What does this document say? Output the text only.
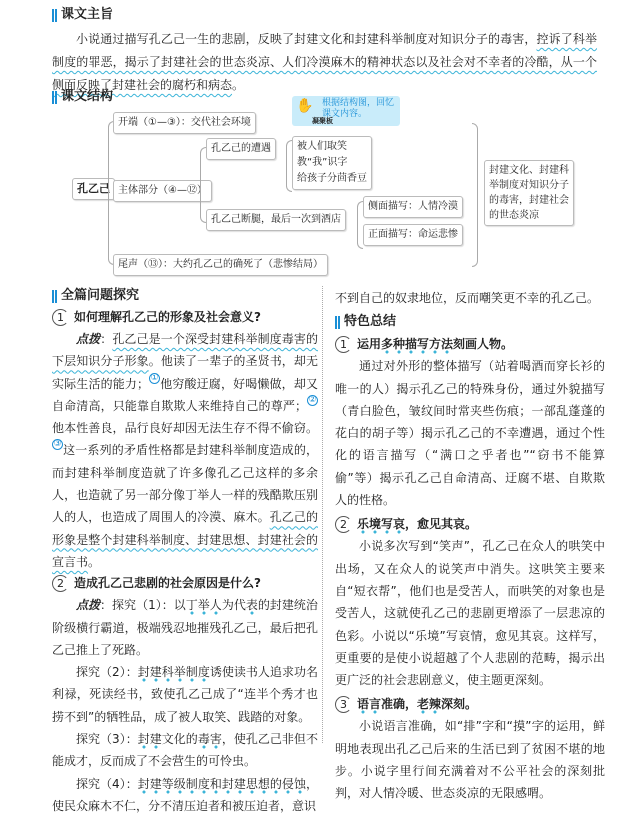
课文主旨

小说通过描写孔乙己一生的悲剧，反映了封建文化和封建科举制度对知识分子的毒害，控诉了科举制度的罪恶，揭示了封建社会的世态炎凉、人们冷漠麻木的精神状态以及社会对不幸者的冷酷，从一个侧面反映了封建社会的腐朽和病态。

课文结构
✋ 根据结构图，回忆课文内容。
凝聚板
孔乙己
开端（①—③）：交代社会环境
主体部分（④—⑫）
尾声（⑬）：大约孔乙己的确死了（悲惨结局）
孔乙己的遭遇	被人们取笑
教“我”识字
给孩子分茴香豆
孔乙己断腿，最后一次到酒店
侧面描写：人情冷漠
正面描写：命运悲惨
封建文化、封建科举制度对知识分子的毒害，封建社会的世态炎凉
全篇问题探究
1 如何理解孔乙己的形象及社会意义?

点拨：孔乙己是一个深受封建科举制度毒害的下层知识分子形象。他读了一辈子的圣贤书，却无实际生活的能力；①他穷酸迂腐，好喝懒做，却又自命清高，只能靠自欺欺人来维持自己的尊严；②他本性善良，品行良好却因无法生存不得不偷窃。③这一系列的矛盾性格都是封建科举制度造成的，而封建科举制度造就了许多像孔乙己这样的多余人，也造就了另一部分像丁举人一样的残酷欺压别人的人，也造成了周围人的冷漠、麻木。孔乙己的形象是整个封建科举制度、封建思想、封建社会的宣言书。

2 造成孔乙己悲剧的社会原因是什么?

点拨：探究（1）：以丁举人为代表的封建统治阶级横行霸道，极端残忍地摧残孔乙己，最后把孔乙己推上了死路。

探究（2）：封建科举制度诱使读书人追求功名利禄，死读经书，致使孔乙己成了“连半个秀才也捞不到”的牺牲品，成了被人取笑、践踏的对象。

探究（3）：封建文化的毒害，使孔乙己非但不能成才，反而成了不会营生的可怜虫。

探究（4）：封建等级制度和封建思想的侵蚀，使民众麻木不仁，分不清压迫者和被压迫者，意识

不到自己的奴隶地位，反而嘲笑更不幸的孔乙己。

特色总结
1 运用多种描写方法刻画人物。

通过对外形的整体描写（站着喝酒而穿长衫的唯一的人）揭示孔乙己的特殊身份，通过外貌描写（青白脸色，皱纹间时常夹些伤痕；一部乱蓬蓬的花白的胡子等）揭示孔乙己的不幸遭遇，通过个性化的语言描写（“满口之乎者也”“窃书不能算偷”等）揭示孔乙己自命清高、迂腐不堪、自欺欺人的性格。

2 乐境写哀，愈见其哀。

小说多次写到“笑声”，孔乙己在众人的哄笑中出场，又在众人的说笑声中消失。这哄笑主要来自“短衣帮”，他们也是受苦人，而哄笑的对象也是受苦人，这就使孔乙己的悲剧更增添了一层悲凉的色彩。小说以“乐境”写哀情，愈见其哀。这样写，更重要的是使小说超越了个人悲剧的范畴，揭示出更广泛的社会悲剧意义，使主题更深刻。

3 语言准确，老辣深刻。

小说语言准确，如“排”字和“摸”字的运用，鲜明地表现出孔乙己后来的生活已到了贫困不堪的地步。小说字里行间充满着对不公平社会的深刻批判，对人情冷暖、世态炎凉的无限感喟。
